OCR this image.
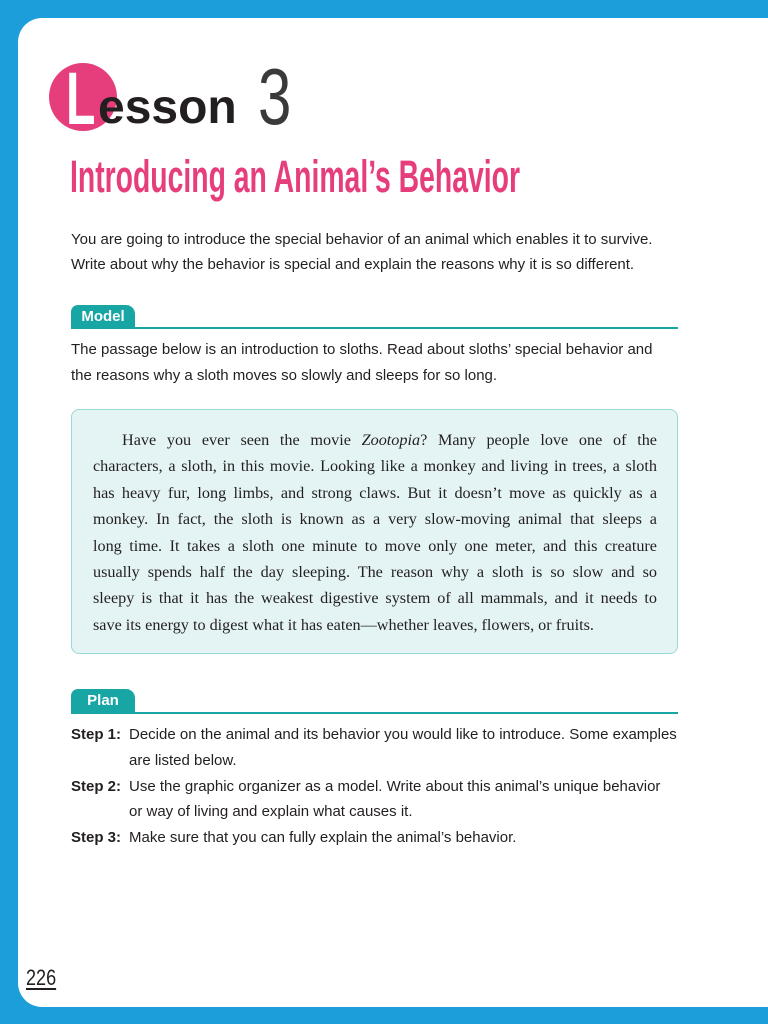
L esson 3
Introducing an Animal’s Behavior
You are going to introduce the special behavior of an animal which enables it to survive.
Write about why the behavior is special and explain the reasons why it is so different.
Model
The passage below is an introduction to sloths. Read about sloths’ special behavior and
the reasons why a sloth moves so slowly and sleeps for so long.
Have you ever seen the movie Zootopia? Many people love one of the
characters, a sloth, in this movie. Looking like a monkey and living in trees, a sloth
has heavy fur, long limbs, and strong claws. But it doesn’t move as quickly as a
monkey. In fact, the sloth is known as a very slow-moving animal that sleeps a
long time. It takes a sloth one minute to move only one meter, and this creature
usually spends half the day sleeping. The reason why a sloth is so slow and so
sleepy is that it has the weakest digestive system of all mammals, and it needs to
save its energy to digest what it has eaten—whether leaves, flowers, or fruits.
Plan
Step 1: Decide on the animal and its behavior you would like to introduce. Some examples
are listed below.
Step 2: Use the graphic organizer as a model. Write about this animal’s unique behavior
or way of living and explain what causes it.
Step 3: Make sure that you can fully explain the animal’s behavior.
226
